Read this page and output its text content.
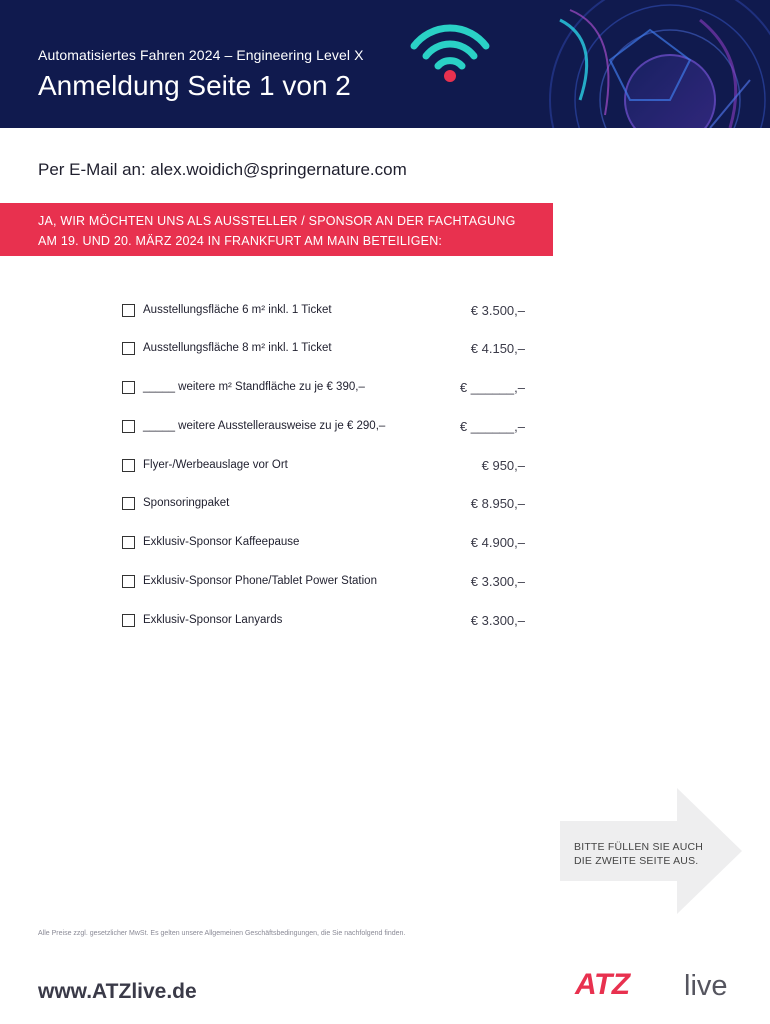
Automatisiertes Fahren 2024 – Engineering Level X
Anmeldung Seite 1 von 2
Per E-Mail an: alex.woidich@springernature.com
JA, WIR MÖCHTEN UNS ALS AUSSTELLER / SPONSOR AN DER FACHTAGUNG
AM 19. UND 20. MÄRZ 2024 IN FRANKFURT AM MAIN BETEILIGEN:
Ausstellungsfläche 6 m² inkl. 1 Ticket	€ 3.500,–
Ausstellungsfläche 8 m² inkl. 1 Ticket	€ 4.150,–
_____ weitere m² Standfläche zu je € 390,–	€ ______,–
_____ weitere Ausstellerausweise zu je € 290,–	€ ______,–
Flyer-/Werbeauslage vor Ort	€ 950,–
Sponsoringpaket	€ 8.950,–
Exklusiv-Sponsor Kaffeepause	€ 4.900,–
Exklusiv-Sponsor Phone/Tablet Power Station	€ 3.300,–
Exklusiv-Sponsor Lanyards	€ 3.300,–
BITTE FÜLLEN SIE AUCH
DIE ZWEITE SEITE AUS.
Alle Preise zzgl. gesetzlicher MwSt. Es gelten unsere Allgemeinen Geschäftsbedingungen, die Sie nachfolgend finden.
www.ATZlive.de	ATZ live
